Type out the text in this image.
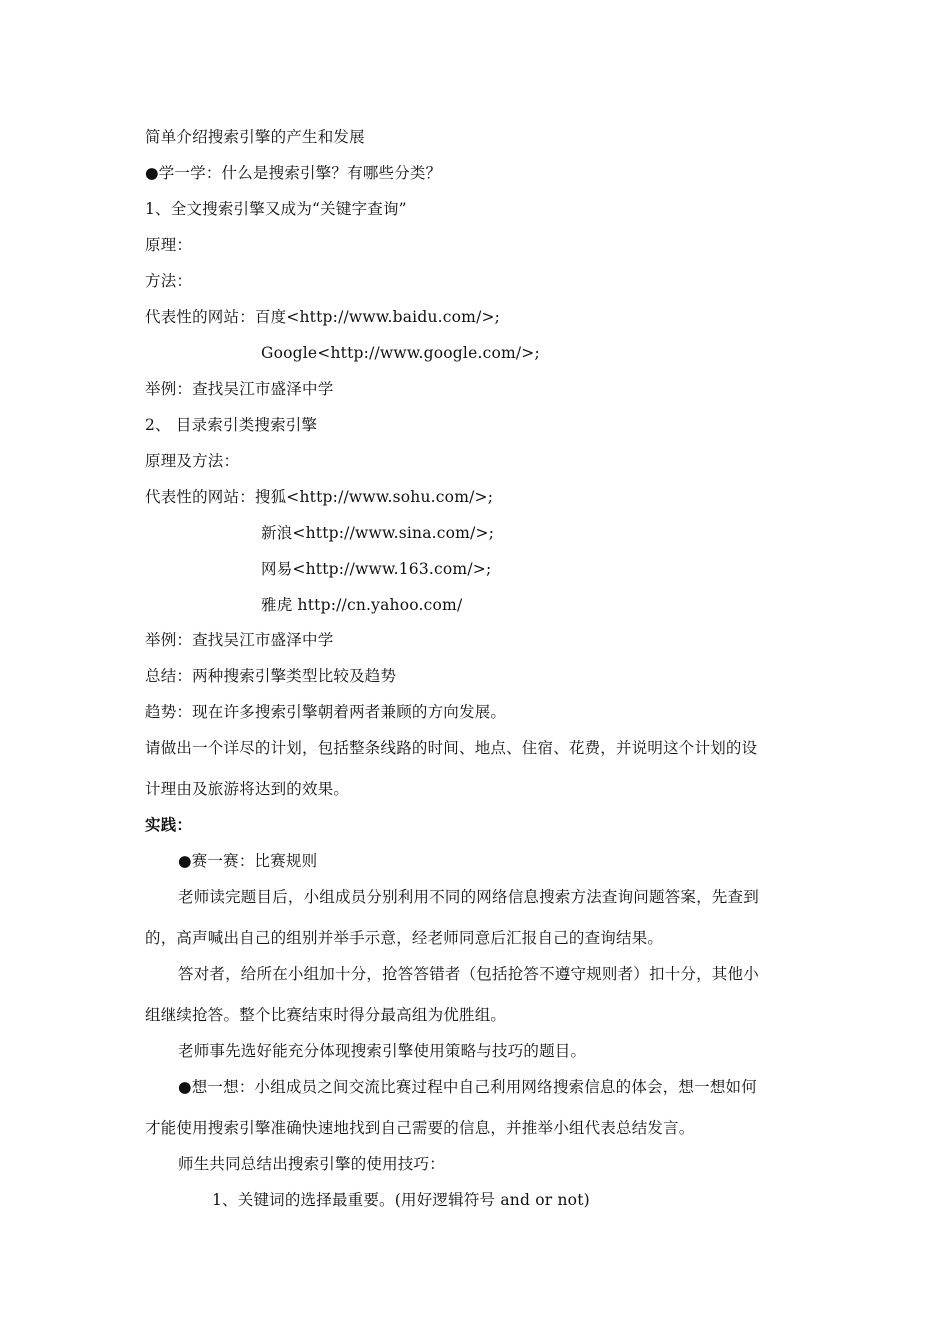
简单介绍搜索引擎的产生和发展
●学一学：什么是搜索引擎？有哪些分类？
1、全文搜索引擎又成为“关键字查询”
原理：
方法：
代表性的网站：百度<http://www.baidu.com/>;
Google<http://www.google.com/>;
举例：查找吴江市盛泽中学
2、 目录索引类搜索引擎
原理及方法：
代表性的网站：搜狐<http://www.sohu.com/>;
新浪<http://www.sina.com/>;
网易<http://www.163.com/>;
雅虎 http://cn.yahoo.com/
举例：查找吴江市盛泽中学
总结：两种搜索引擎类型比较及趋势
趋势：现在许多搜索引擎朝着两者兼顾的方向发展。
请做出一个详尽的计划，包括整条线路的时间、地点、住宿、花费，并说明这个计划的设
计理由及旅游将达到的效果。
实践：
●赛一赛：比赛规则
老师读完题目后，小组成员分别利用不同的网络信息搜索方法查询问题答案，先查到
的，高声喊出自己的组别并举手示意，经老师同意后汇报自己的查询结果。
答对者，给所在小组加十分，抢答答错者（包括抢答不遵守规则者）扣十分，其他小
组继续抢答。整个比赛结束时得分最高组为优胜组。
老师事先选好能充分体现搜索引擎使用策略与技巧的题目。
●想一想：小组成员之间交流比赛过程中自己利用网络搜索信息的体会，想一想如何
才能使用搜索引擎准确快速地找到自己需要的信息，并推举小组代表总结发言。
师生共同总结出搜索引擎的使用技巧：
1、关键词的选择最重要。(用好逻辑符号 and or not)
